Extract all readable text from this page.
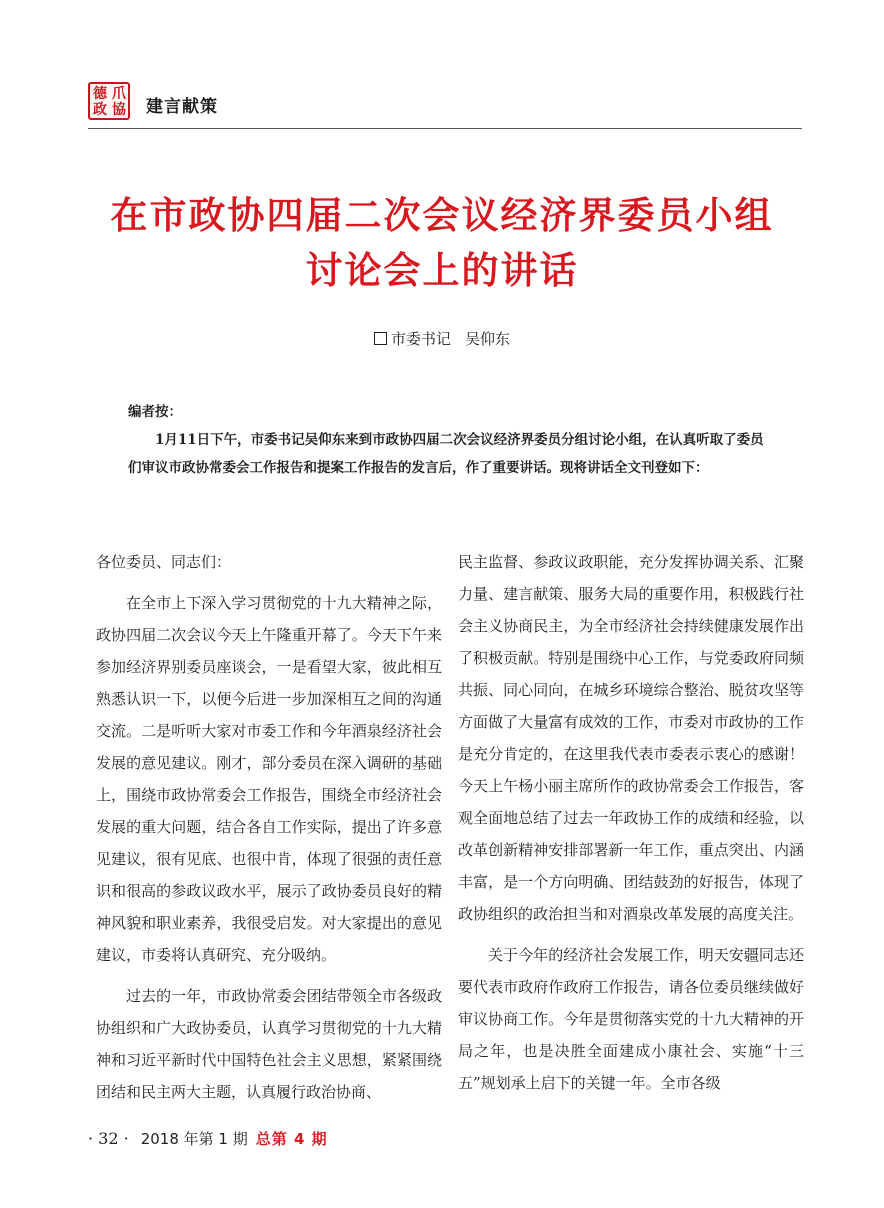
德 爪
政 協 建言献策
在市政协四届二次会议经济界委员小组
讨论会上的讲话
市委书记 吴仰东
编者按：
1月11日下午，市委书记吴仰东来到市政协四届二次会议经济界委员分组讨论小组，在认真听取了委员们审议市政协常委会工作报告和提案工作报告的发言后，作了重要讲话。现将讲话全文刊登如下：

各位委员、同志们：

在全市上下深入学习贯彻党的十九大精神之际，政协四届二次会议今天上午隆重开幕了。今天下午来参加经济界别委员座谈会，一是看望大家，彼此相互熟悉认识一下，以便今后进一步加深相互之间的沟通交流。二是听听大家对市委工作和今年酒泉经济社会发展的意见建议。刚才，部分委员在深入调研的基础上，围绕市政协常委会工作报告，围绕全市经济社会发展的重大问题，结合各自工作实际，提出了许多意见建议，很有见底、也很中肯，体现了很强的责任意识和很高的参政议政水平，展示了政协委员良好的精神风貌和职业素养，我很受启发。对大家提出的意见建议，市委将认真研究、充分吸纳。

过去的一年，市政协常委会团结带领全市各级政协组织和广大政协委员，认真学习贯彻党的十九大精神和习近平新时代中国特色社会主义思想，紧紧围绕团结和民主两大主题，认真履行政治协商、

民主监督、参政议政职能，充分发挥协调关系、汇聚力量、建言献策、服务大局的重要作用，积极践行社会主义协商民主，为全市经济社会持续健康发展作出了积极贡献。特别是围绕中心工作，与党委政府同频共振、同心同向，在城乡环境综合整治、脱贫攻坚等方面做了大量富有成效的工作，市委对市政协的工作是充分肯定的，在这里我代表市委表示衷心的感谢！今天上午杨小丽主席所作的政协常委会工作报告，客观全面地总结了过去一年政协工作的成绩和经验，以改革创新精神安排部署新一年工作，重点突出、内涵丰富，是一个方向明确、团结鼓劲的好报告，体现了政协组织的政治担当和对酒泉改革发展的高度关注。

关于今年的经济社会发展工作，明天安疆同志还要代表市政府作政府工作报告，请各位委员继续做好审议协商工作。今年是贯彻落实党的十九大精神的开局之年，也是决胜全面建成小康社会、实施“十三五”规划承上启下的关键一年。全市各级

· 32 · 2018 年第 1 期 总第 4 期
